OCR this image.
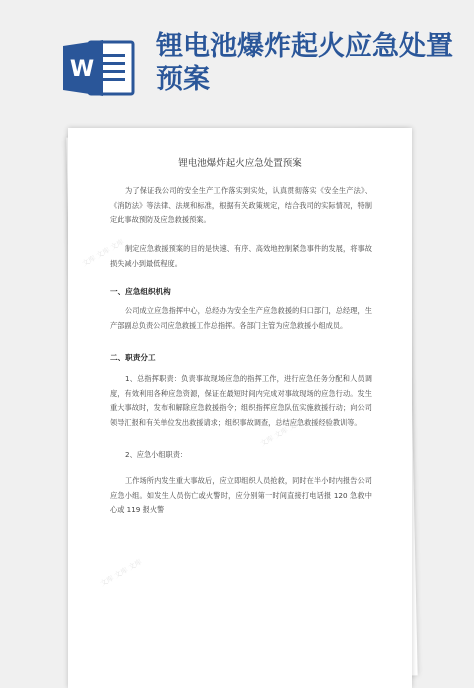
W
锂电池爆炸起火应急处置预案
锂电池爆炸起火应急处置预案
为了保证我公司的安全生产工作落实到实处，认真贯彻落实《安全生产法》、《消防法》等法律、法规和标准，根据有关政策规定，结合我司的实际情况，特制定此事故预防及应急救援预案。
制定应急救援预案的目的是快速、有序、高效地控制紧急事件的发展，将事故损失减小到最低程度。
一、应急组织机构
公司成立应急指挥中心，总经办为安全生产应急救援的归口部门，总经理，生产部副总负责公司应急救援工作总指挥。各部门主管为应急救援小组成员。
二、职责分工
1、总指挥职责：负责事故现场应急的指挥工作，进行应急任务分配和人员调度，有效利用各种应急资源，保证在最短时间内完成对事故现场的应急行动。发生重大事故时，发布和解除应急救援指令；组织指挥应急队伍实施救援行动；向公司领导汇报和有关单位发出救援请求；组织事故调查，总结应急救援经验教训等。
2、应急小组职责：
工作场所内发生重大事故后，应立即组织人员抢救，同时在半小时内报告公司应急小组。如发生人员伤亡或火警时，应分别第一时间直接打电话报 120 急救中心或 119 报火警
文库 文库 文库
文库 文库 文库
文库 文库 文库
